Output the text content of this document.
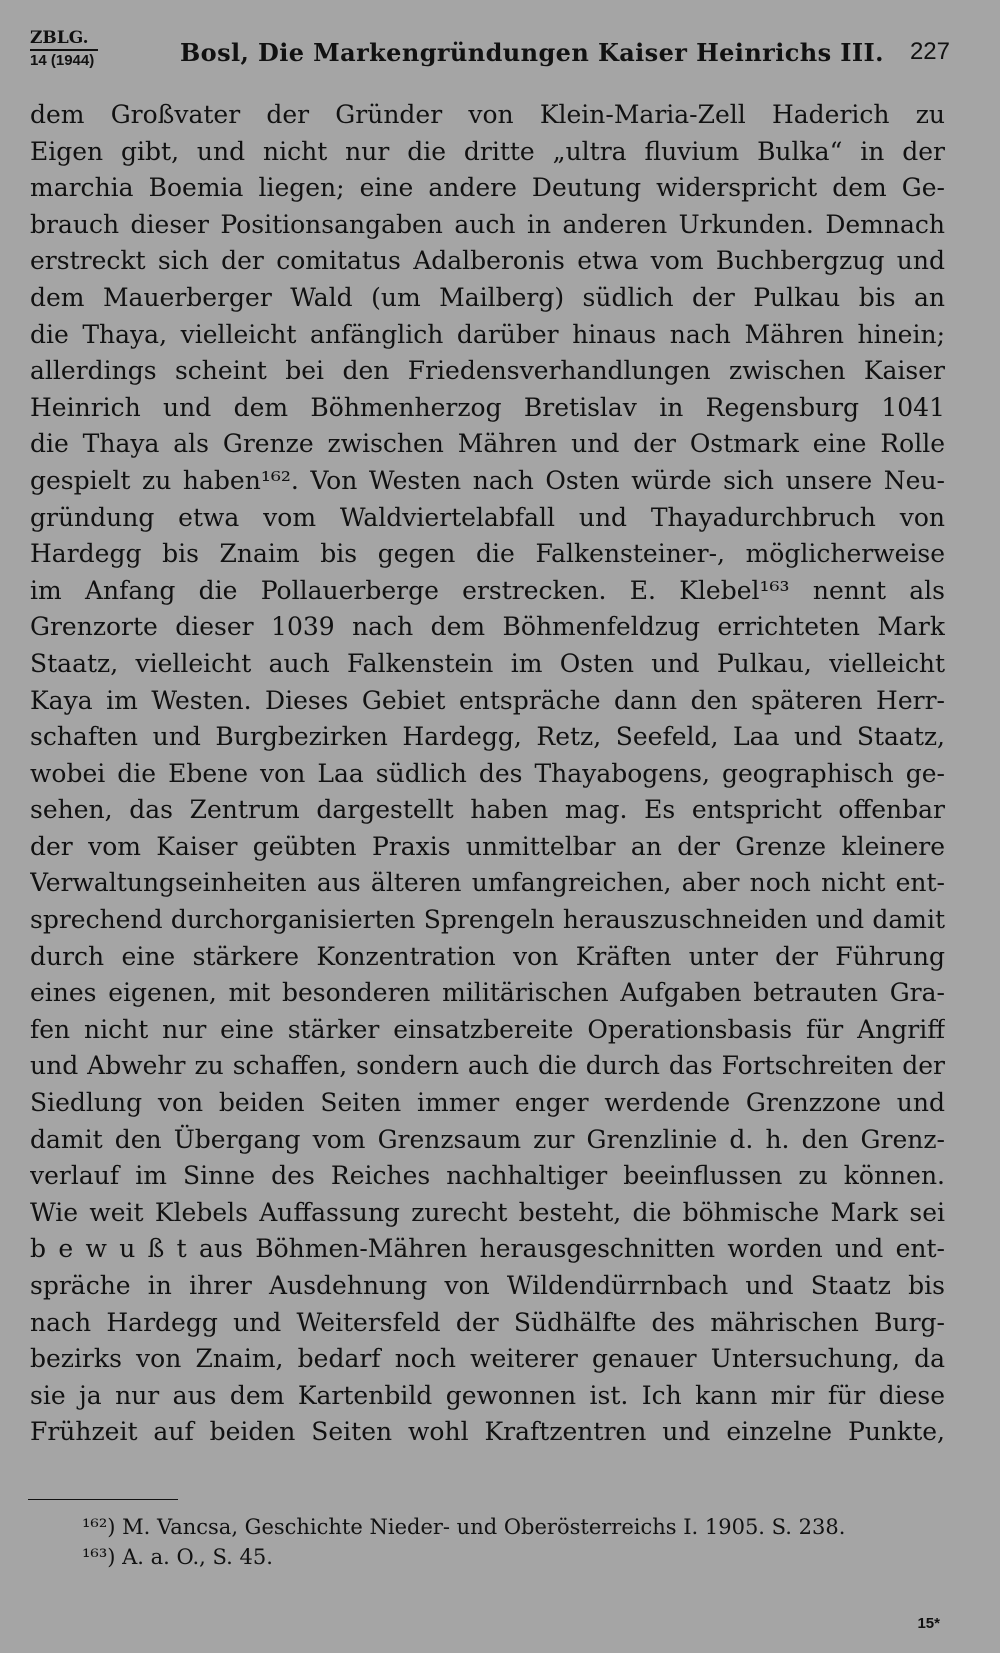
ZBLG.
14 (1944)	Bosl, Die Markengründungen Kaiser Heinrichs III. 227
dem Großvater der Gründer von Klein-Maria-Zell Haderich zu
Eigen gibt, und nicht nur die dritte „ultra fluvium Bulka“ in der
marchia Boemia liegen; eine andere Deutung widerspricht dem Ge-
brauch dieser Positionsangaben auch in anderen Urkunden. Demnach
erstreckt sich der comitatus Adalberonis etwa vom Buchbergzug und
dem Mauerberger Wald (um Mailberg) südlich der Pulkau bis an
die Thaya, vielleicht anfänglich darüber hinaus nach Mähren hinein;
allerdings scheint bei den Friedensverhandlungen zwischen Kaiser
Heinrich und dem Böhmenherzog Bretislav in Regensburg 1041
die Thaya als Grenze zwischen Mähren und der Ostmark eine Rolle
gespielt zu haben¹⁶². Von Westen nach Osten würde sich unsere Neu-
gründung etwa vom Waldviertelabfall und Thayadurchbruch von
Hardegg bis Znaim bis gegen die Falkensteiner-, möglicherweise
im Anfang die Pollauerberge erstrecken. E. Klebel¹⁶³ nennt als
Grenzorte dieser 1039 nach dem Böhmenfeldzug errichteten Mark
Staatz, vielleicht auch Falkenstein im Osten und Pulkau, vielleicht
Kaya im Westen. Dieses Gebiet entspräche dann den späteren Herr-
schaften und Burgbezirken Hardegg, Retz, Seefeld, Laa und Staatz,
wobei die Ebene von Laa südlich des Thayabogens, geographisch ge-
sehen, das Zentrum dargestellt haben mag. Es entspricht offenbar
der vom Kaiser geübten Praxis unmittelbar an der Grenze kleinere
Verwaltungseinheiten aus älteren umfangreichen, aber noch nicht ent-
sprechend durchorganisierten Sprengeln herauszuschneiden und damit
durch eine stärkere Konzentration von Kräften unter der Führung
eines eigenen, mit besonderen militärischen Aufgaben betrauten Gra-
fen nicht nur eine stärker einsatzbereite Operationsbasis für Angriff
und Abwehr zu schaffen, sondern auch die durch das Fortschreiten der
Siedlung von beiden Seiten immer enger werdende Grenzzone und
damit den Übergang vom Grenzsaum zur Grenzlinie d. h. den Grenz-
verlauf im Sinne des Reiches nachhaltiger beeinflussen zu können.
Wie weit Klebels Auffassung zurecht besteht, die böhmische Mark sei
b e w u ß t aus Böhmen-Mähren herausgeschnitten worden und ent-
spräche in ihrer Ausdehnung von Wildendürrnbach und Staatz bis
nach Hardegg und Weitersfeld der Südhälfte des mährischen Burg-
bezirks von Znaim, bedarf noch weiterer genauer Untersuchung, da
sie ja nur aus dem Kartenbild gewonnen ist. Ich kann mir für diese
Frühzeit auf beiden Seiten wohl Kraftzentren und einzelne Punkte,
¹⁶²) M. Vancsa, Geschichte Nieder- und Oberösterreichs I. 1905. S. 238.
¹⁶³) A. a. O., S. 45.
15*
